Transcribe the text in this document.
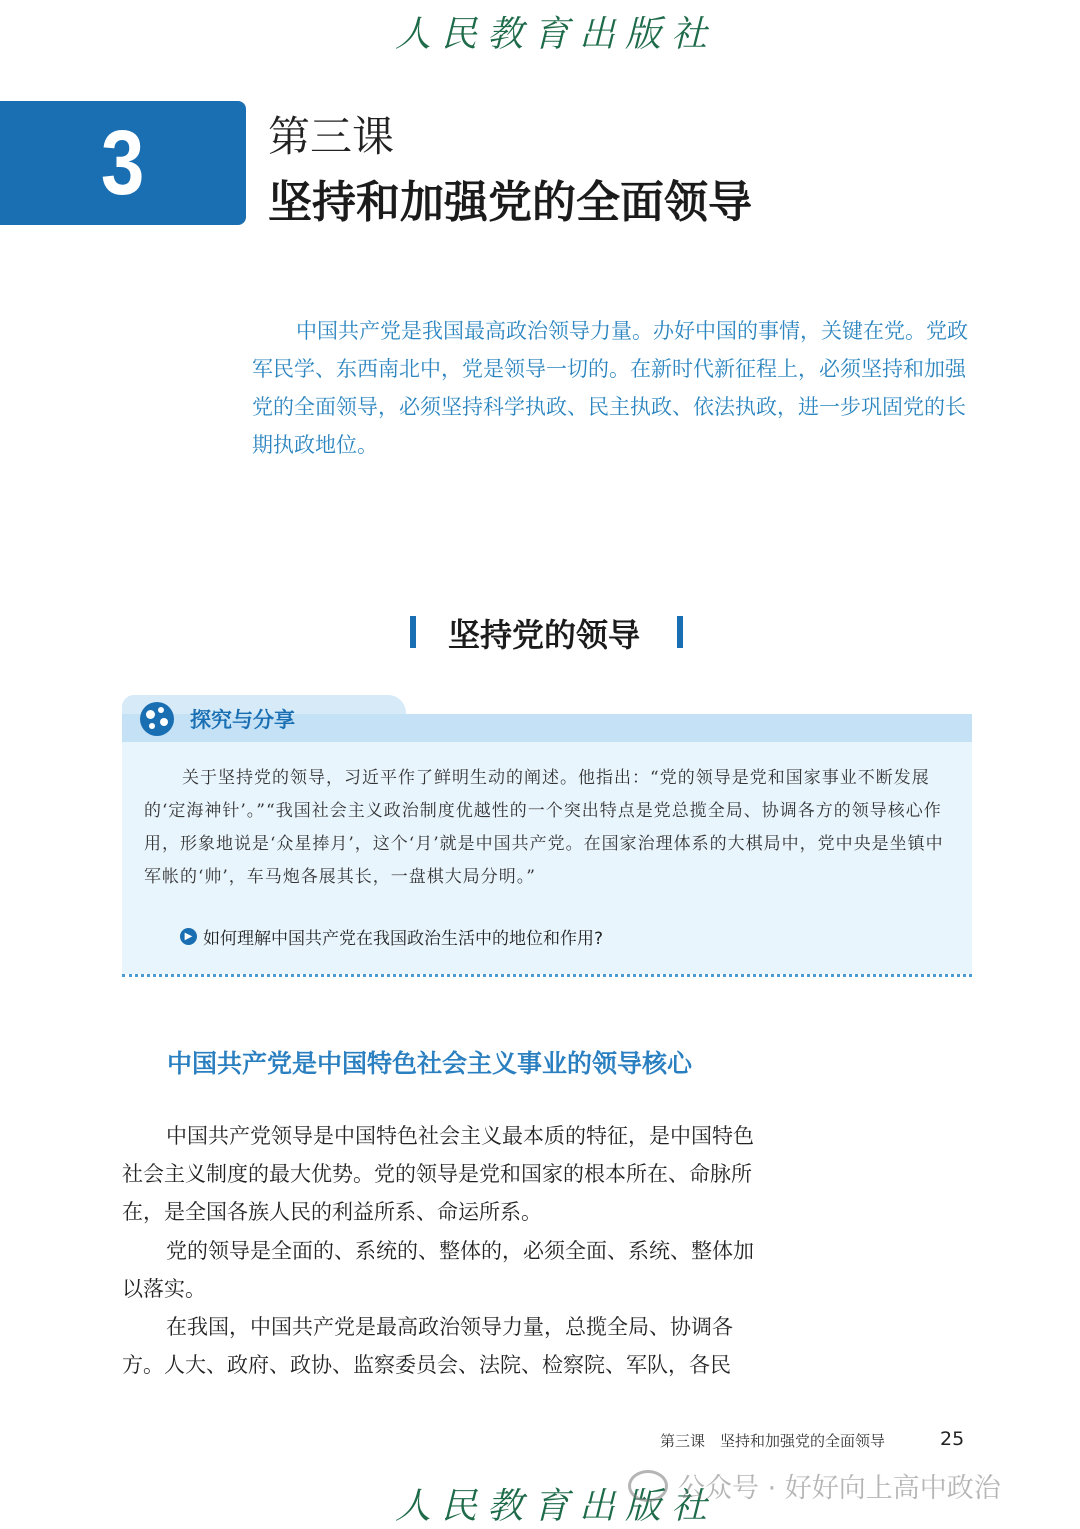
人民教育出版社
3	第三课
坚持和加强党的全面领导

中国共产党是我国最高政治领导力量。办好中国的事情，关键在党。党政军民学、东西南北中，党是领导一切的。在新时代新征程上，必须坚持和加强党的全面领导，必须坚持科学执政、民主执政、依法执政，进一步巩固党的长期执政地位。

坚持党的领导
探究与分享

关于坚持党的领导，习近平作了鲜明生动的阐述。他指出：“党的领导是党和国家事业不断发展的‘定海神针’。”“我国社会主义政治制度优越性的一个突出特点是党总揽全局、协调各方的领导核心作用，形象地说是‘众星捧月’，这个‘月’就是中国共产党。在国家治理体系的大棋局中，党中央是坐镇中军帐的‘帅’，车马炮各展其长，一盘棋大局分明。”

▶ 如何理解中国共产党在我国政治生活中的地位和作用?
中国共产党是中国特色社会主义事业的领导核心

中国共产党领导是中国特色社会主义最本质的特征，是中国特色社会主义制度的最大优势。党的领导是党和国家的根本所在、命脉所在，是全国各族人民的利益所系、命运所系。

党的领导是全面的、系统的、整体的，必须全面、系统、整体加以落实。

在我国，中国共产党是最高政治领导力量，总揽全局、协调各方。人大、政府、政协、监察委员会、法院、检察院、军队，各民

第三课　坚持和加强党的全面领导	25
人民教育出版社
公众号 · 好好向上高中政治
